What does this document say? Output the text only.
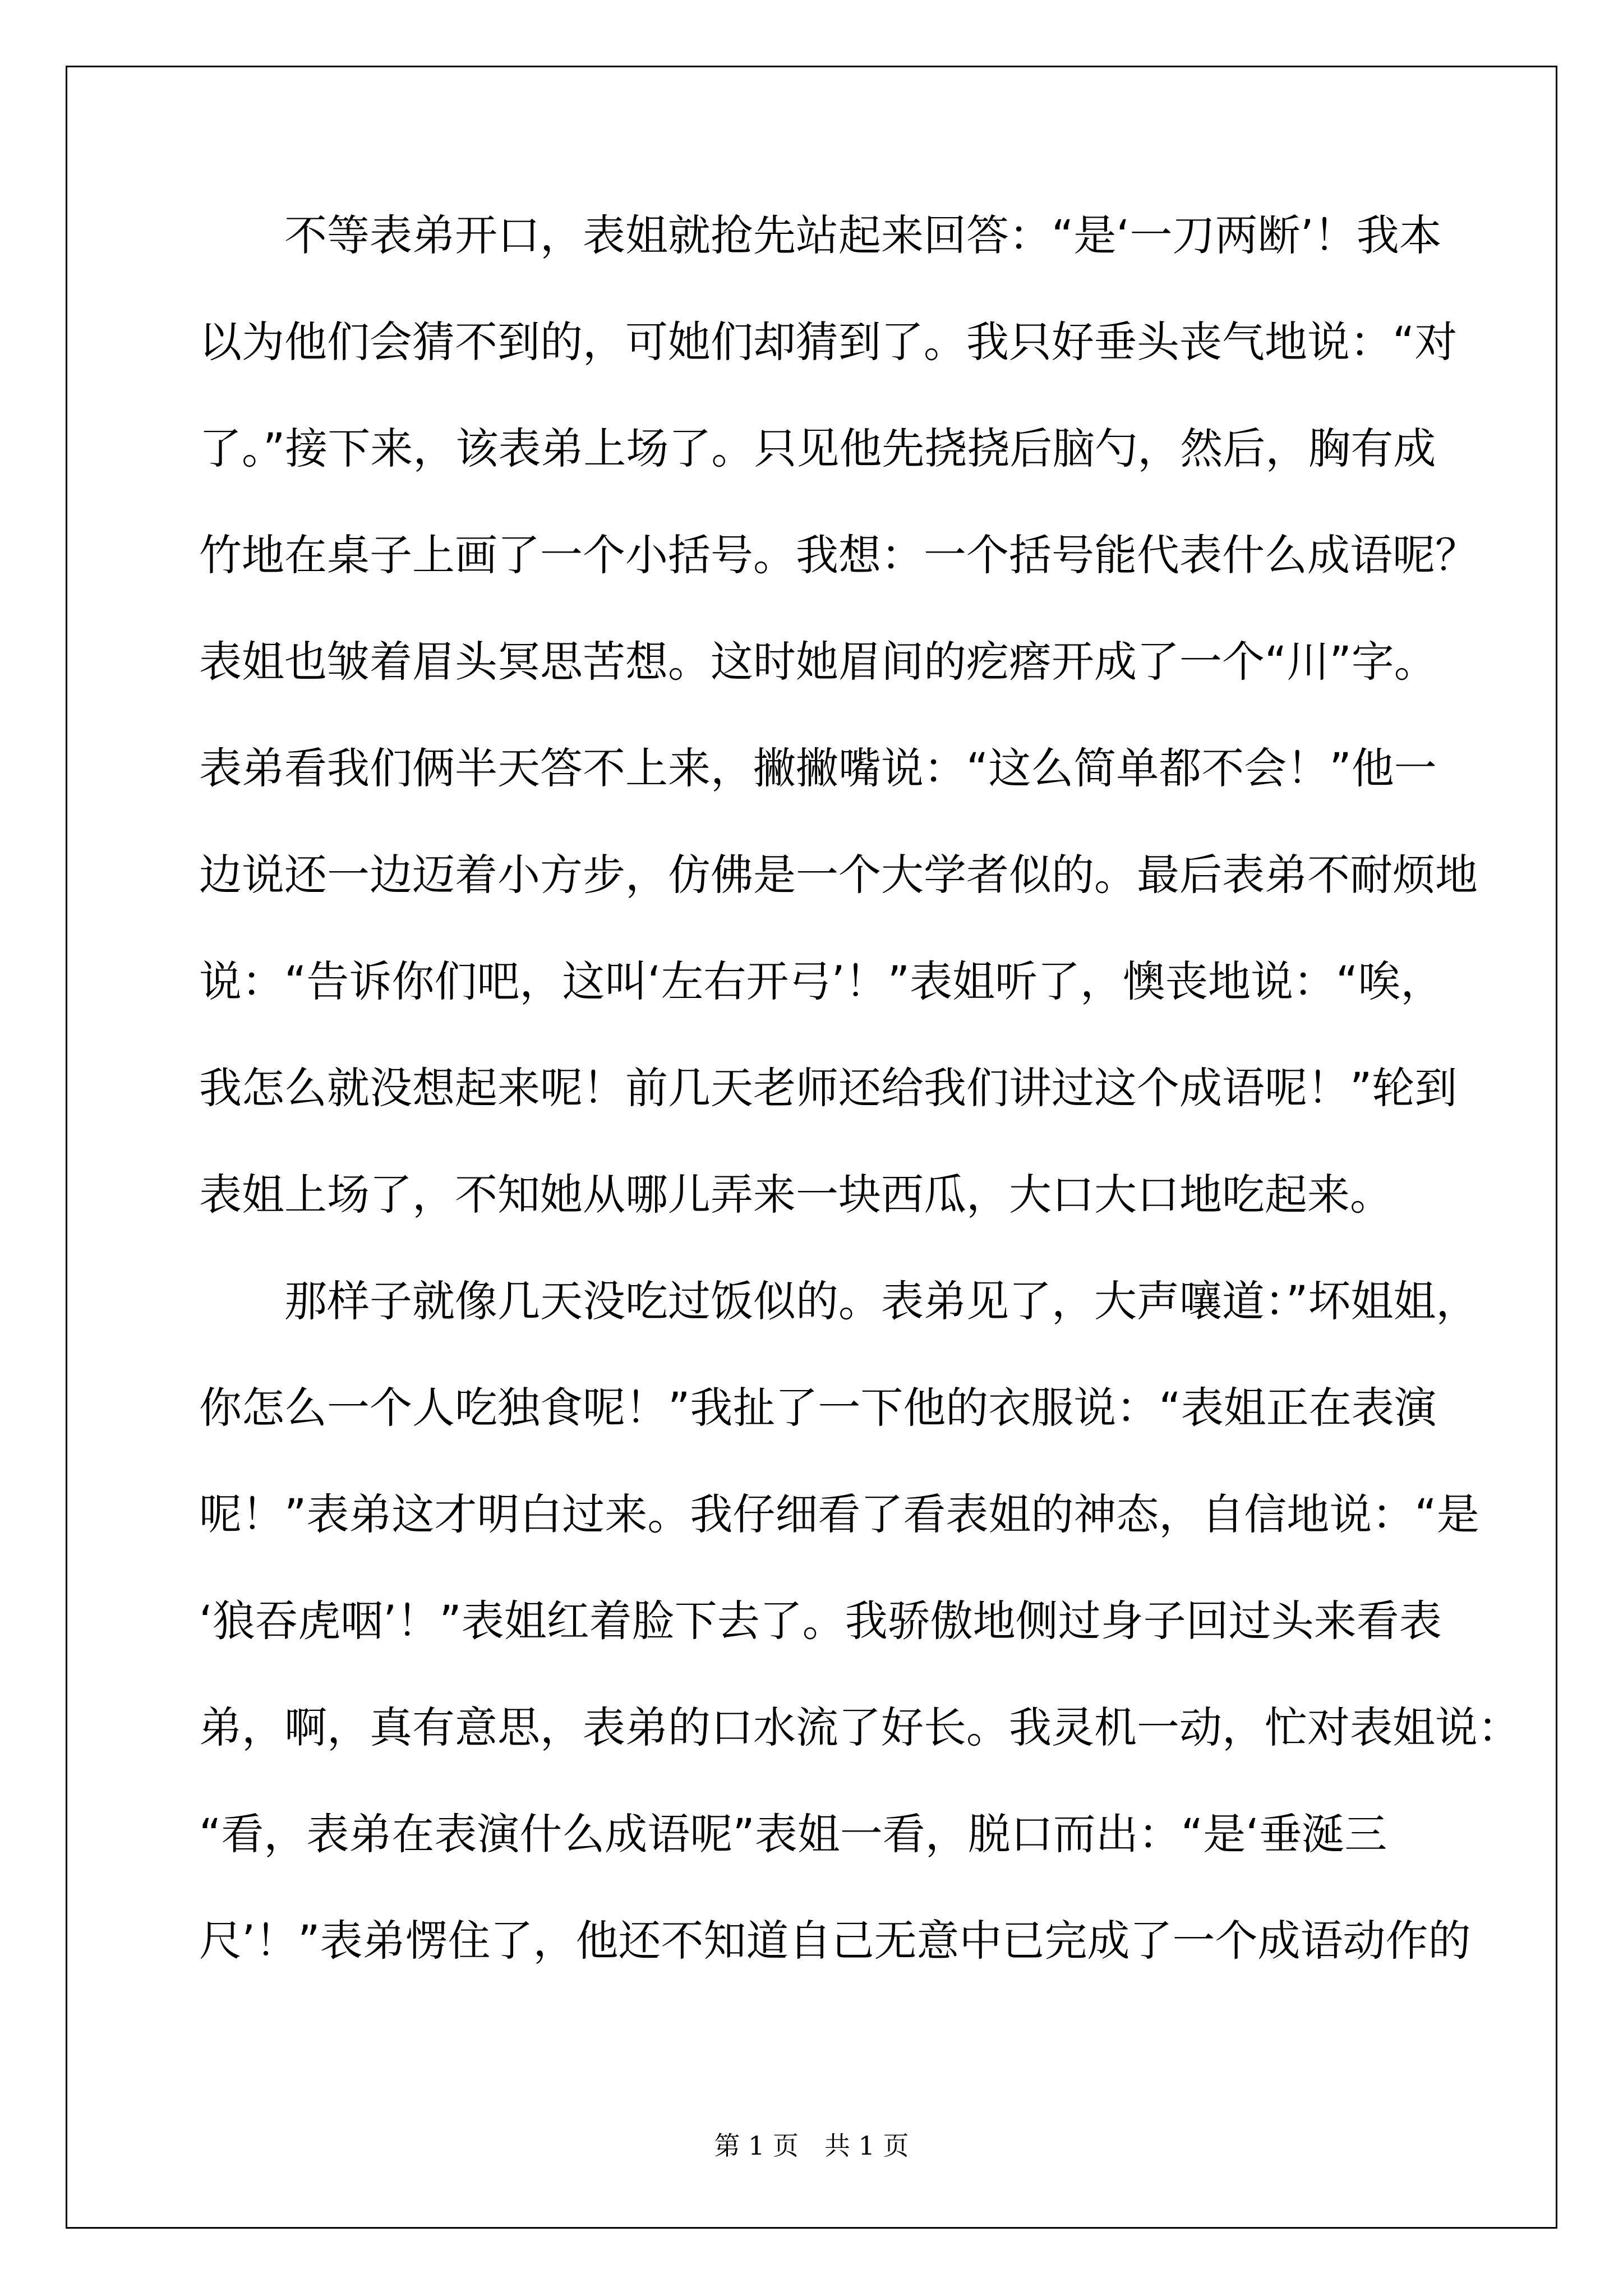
　　不等表弟开口，表姐就抢先站起来回答：“是‘一刀两断’！我本
以为他们会猜不到的，可她们却猜到了。我只好垂头丧气地说：“对
了。”接下来，该表弟上场了。只见他先挠挠后脑勺，然后，胸有成
竹地在桌子上画了一个小括号。我想：一个括号能代表什么成语呢？
表姐也皱着眉头冥思苦想。这时她眉间的疙瘩开成了一个“川”字。
表弟看我们俩半天答不上来，撇撇嘴说：“这么简单都不会！”他一
边说还一边迈着小方步，仿佛是一个大学者似的。最后表弟不耐烦地
说：“告诉你们吧，这叫‘左右开弓’！”表姐听了，懊丧地说：“唉，
我怎么就没想起来呢！前几天老师还给我们讲过这个成语呢！”轮到
表姐上场了，不知她从哪儿弄来一块西瓜，大口大口地吃起来。

　　那样子就像几天没吃过饭似的。表弟见了，大声嚷道：”坏姐姐，
你怎么一个人吃独食呢！”我扯了一下他的衣服说：“表姐正在表演
呢！”表弟这才明白过来。我仔细看了看表姐的神态，自信地说：“是
‘狼吞虎咽’！”表姐红着脸下去了。我骄傲地侧过身子回过头来看表
弟，啊，真有意思，表弟的口水流了好长。我灵机一动，忙对表姐说：
“看，表弟在表演什么成语呢”表姐一看，脱口而出：“是‘垂涎三
尺’！”表弟愣住了，他还不知道自己无意中已完成了一个成语动作的

第 1 页　共 1 页
